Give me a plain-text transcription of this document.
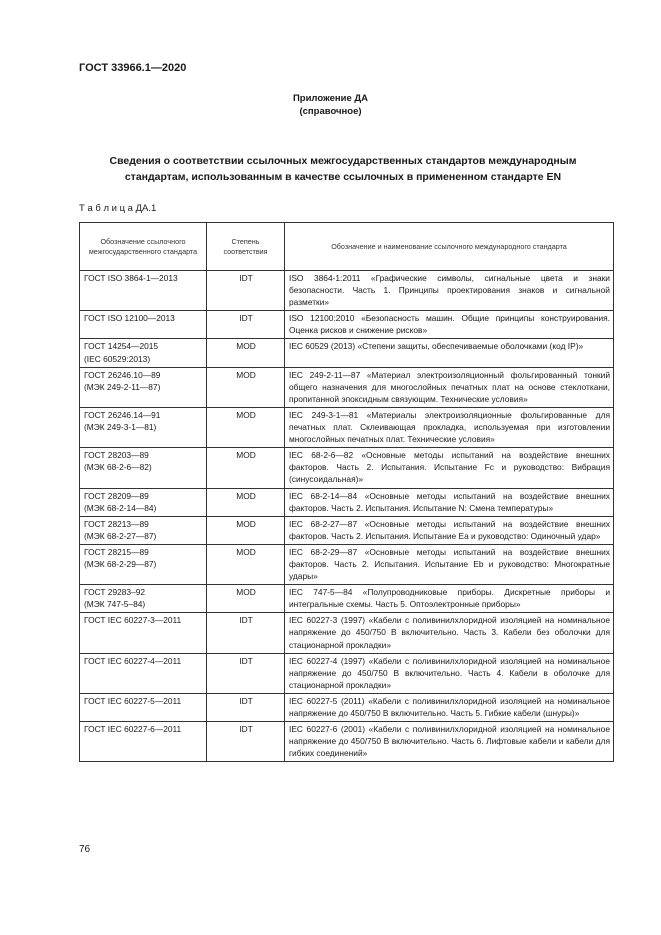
ГОСТ 33966.1—2020
Приложение ДА
(справочное)
Сведения о соответствии ссылочных межгосударственных стандартов международным стандартам, использованным в качестве ссылочных в примененном стандарте EN
Т а б л и ц а ДА.1
Обозначение ссылочного межгосударственного стандарта	Степень соответствия	Обозначение и наименование ссылочного международного стандарта
ГОСТ ISO 3864-1—2013	IDT	ISO 3864-1:2011 «Графические символы, сигнальные цвета и знаки безопасности. Часть 1. Принципы проектирования знаков и сигнальной разметки»
ГОСТ ISO 12100—2013	IDT	ISO 12100:2010 «Безопасность машин. Общие принципы конструирования. Оценка рисков и снижение рисков»
ГОСТ 14254—2015
(IEC 60529:2013)	MOD	IEC 60529 (2013) «Степени защиты, обеспечиваемые оболочками (код IP)»
ГОСТ 26246.10—89
(МЭК 249-2-11—87)	MOD	IEC 249-2-11—87 «Материал электроизоляционный фольгированный тонкий общего назначения для многослойных печатных плат на основе стеклоткани, пропитанной эпоксидным связующим. Технические условия»
ГОСТ 26246.14—91
(МЭК 249-3-1—81)	MOD	IEC 249-3-1—81 «Материалы электроизоляционные фольгированные для печатных плат. Склеивающая прокладка, используемая при изготовлении многослойных печатных плат. Технические условия»
ГОСТ 28203—89
(МЭК 68-2-6—82)	MOD	IEC 68-2-6—82 «Основные методы испытаний на воздействие внешних факторов. Часть 2. Испытания. Испытание Fc и руководство: Вибрация (синусоидальная)»
ГОСТ 28209—89
(МЭК 68-2-14—84)	MOD	IEC 68-2-14—84 «Основные методы испытаний на воздействие внешних факторов. Часть 2. Испытания. Испытание N: Смена температуры»
ГОСТ 28213—89
(МЭК 68-2-27—87)	MOD	IEC 68-2-27—87 «Основные методы испытаний на воздействие внешних факторов. Часть 2. Испытания. Испытание Ea и руководство: Одиночный удар»
ГОСТ 28215—89
(МЭК 68-2-29—87)	MOD	IEC 68-2-29—87 «Основные методы испытаний на воздействие внешних факторов. Часть 2. Испытания. Испытание Eb и руководство: Многократные удары»
ГОСТ 29283–92
(МЭК 747-5–84)	MOD	IEC 747-5—84 «Полупроводниковые приборы. Дискретные приборы и интегральные схемы. Часть 5. Оптоэлектронные приборы»
ГОСТ IEC 60227-3—2011	IDT	IEC 60227-3 (1997) «Кабели с поливинилхлоридной изоляцией на номинальное напряжение до 450/750 В включительно. Часть 3. Кабели без оболочки для стационарной прокладки»
ГОСТ IEC 60227-4—2011	IDT	IEC 60227-4 (1997) «Кабели с поливинилхлоридной изоляцией на номинальное напряжение до 450/750 В включительно. Часть 4. Кабели в оболочке для стационарной прокладки»
ГОСТ IEC 60227-5—2011	IDT	IEC 60227-5 (2011) «Кабели с поливинилхлоридной изоляцией на номинальное напряжение до 450/750 В включительно. Часть 5. Гибкие кабели (шнуры)»
ГОСТ IEC 60227-6—2011	IDT	IEC 60227-6 (2001) «Кабели с поливинилхлоридной изоляцией на номинальное напряжение до 450/750 В включительно. Часть 6. Лифтовые кабели и кабели для гибких соединений»
76
